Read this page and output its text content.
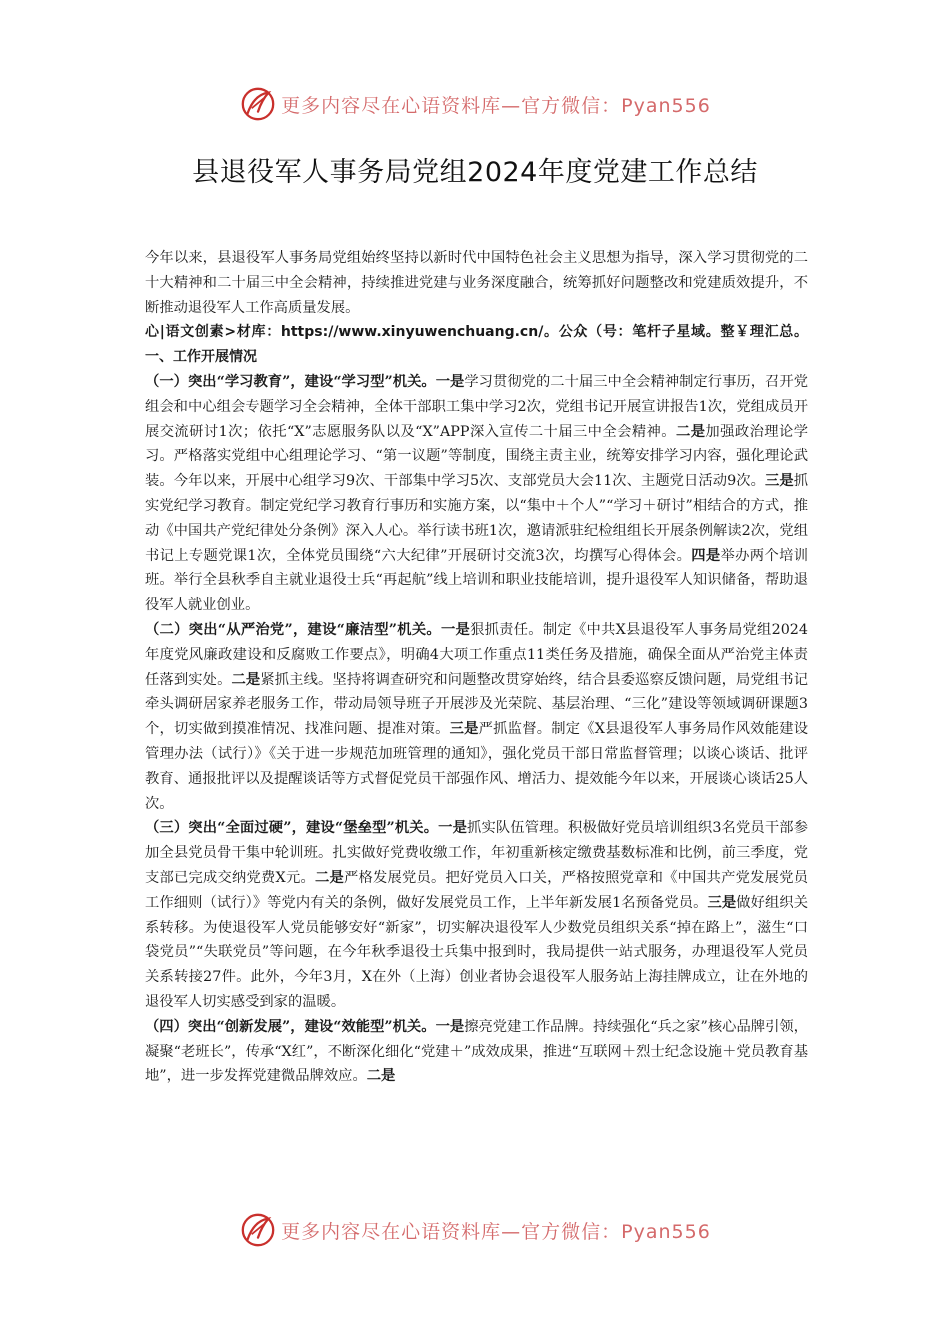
更多内容尽在心语资料库—官方微信：Pyan556
县退役军人事务局党组2024年度党建工作总结

今年以来，县退役军人事务局党组始终坚持以新时代中国特色社会主义思想为指导，深入学习贯彻党的二十大精神和二十届三中全会精神，持续推进党建与业务深度融合，统筹抓好问题整改和党建质效提升，不断推动退役军人工作高质量发展。

心|语文创素>材库：https://www.xinyuwenchuang.cn/。公众（号：笔杆子星域。整￥理汇总。一、工作开展情况

（一）突出“学习教育”，建设“学习型”机关。一是学习贯彻党的二十届三中全会精神制定行事历，召开党组会和中心组会专题学习全会精神，全体干部职工集中学习2次，党组书记开展宣讲报告1次，党组成员开展交流研讨1次；依托“X”志愿服务队以及“X”APP深入宣传二十届三中全会精神。二是加强政治理论学习。严格落实党组中心组理论学习、“第一议题”等制度，围绕主责主业，统筹安排学习内容，强化理论武装。今年以来，开展中心组学习9次、干部集中学习5次、支部党员大会11次、主题党日活动9次。三是抓实党纪学习教育。制定党纪学习教育行事历和实施方案，以“集中＋个人”“学习＋研讨”相结合的方式，推动《中国共产党纪律处分条例》深入人心。举行读书班1次，邀请派驻纪检组组长开展条例解读2次，党组书记上专题党课1次，全体党员围绕“六大纪律”开展研讨交流3次，均撰写心得体会。四是举办两个培训班。举行全县秋季自主就业退役士兵“再起航”线上培训和职业技能培训，提升退役军人知识储备，帮助退役军人就业创业。

（二）突出“从严治党”，建设“廉洁型”机关。一是狠抓责任。制定《中共X县退役军人事务局党组2024年度党风廉政建设和反腐败工作要点》，明确4大项工作重点11类任务及措施，确保全面从严治党主体责任落到实处。二是紧抓主线。坚持将调查研究和问题整改贯穿始终，结合县委巡察反馈问题，局党组书记牵头调研居家养老服务工作，带动局领导班子开展涉及光荣院、基层治理、“三化”建设等领域调研课题3个，切实做到摸准情况、找准问题、提准对策。三是严抓监督。制定《X县退役军人事务局作风效能建设管理办法（试行）》《关于进一步规范加班管理的通知》，强化党员干部日常监督管理；以谈心谈话、批评教育、通报批评以及提醒谈话等方式督促党员干部强作风、增活力、提效能今年以来，开展谈心谈话25人次。

（三）突出“全面过硬”，建设“堡垒型”机关。一是抓实队伍管理。积极做好党员培训组织3名党员干部参加全县党员骨干集中轮训班。扎实做好党费收缴工作，年初重新核定缴费基数标准和比例，前三季度，党支部已完成交纳党费X元。二是严格发展党员。把好党员入口关，严格按照党章和《中国共产党发展党员工作细则（试行）》等党内有关的条例，做好发展党员工作，上半年新发展1名预备党员。三是做好组织关系转移。为使退役军人党员能够安好“新家”，切实解决退役军人少数党员组织关系“掉在路上”，滋生“口袋党员”“失联党员”等问题，在今年秋季退役士兵集中报到时，我局提供一站式服务，办理退役军人党员关系转接27件。此外，今年3月，X在外（上海）创业者协会退役军人服务站上海挂牌成立，让在外地的退役军人切实感受到家的温暖。

（四）突出“创新发展”，建设“效能型”机关。一是擦亮党建工作品牌。持续强化“兵之家”核心品牌引领，凝聚“老班长”，传承“X红”，不断深化细化“党建＋”成效成果，推进“互联网＋烈士纪念设施＋党员教育基地”，进一步发挥党建微品牌效应。二是

更多内容尽在心语资料库—官方微信：Pyan556
